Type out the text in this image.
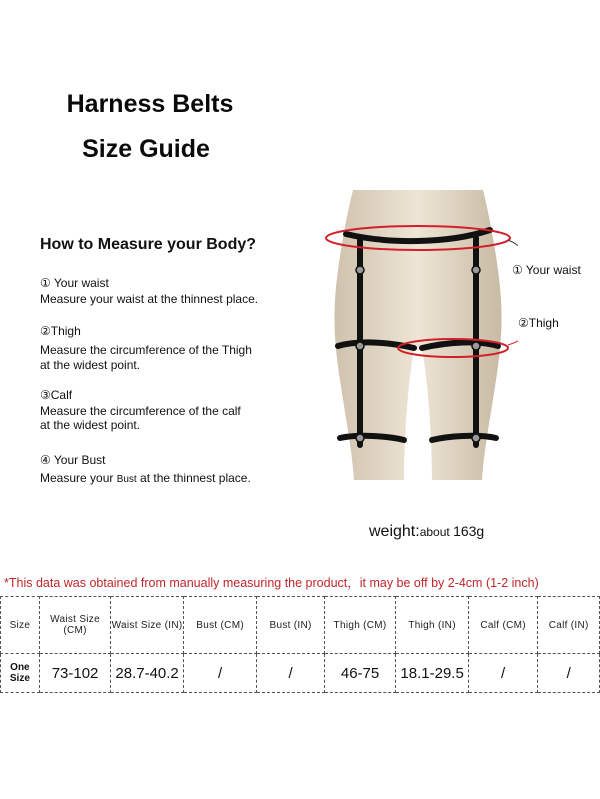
Harness Belts
Size Guide
How to Measure your Body?
① Your waist
Measure your waist at the thinnest place.
②Thigh
Measure the circumference of the Thigh
at the widest point.
③Calf
Measure the circumference of the calf
at the widest point.
④ Your Bust
Measure your Bust at the thinnest place.
① Your waist
②Thigh
weight:about 163g
*This data was obtained from manually measuring the product，it may be off by 2-4cm (1-2 inch)
Size	Waist Size (CM)	Waist Size (IN)	Bust (CM)	Bust (IN)	Thigh (CM)	Thigh (IN)	Calf (CM)	Calf (IN)
One Size	73-102	28.7-40.2	/	/	46-75	18.1-29.5	/	/
